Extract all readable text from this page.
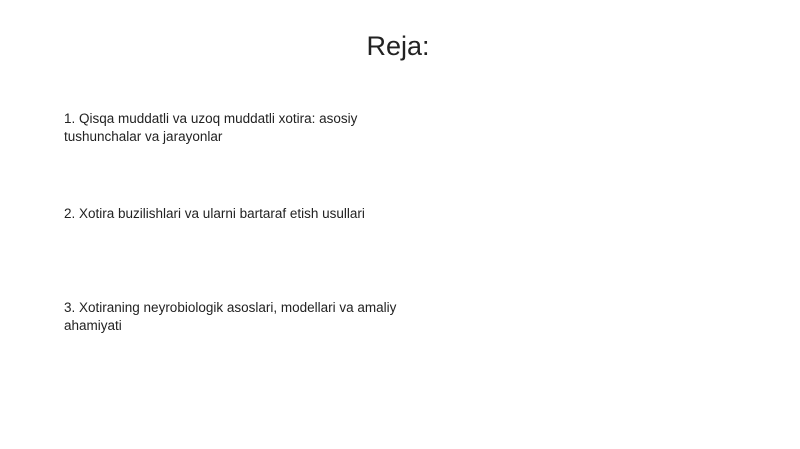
Reja:
1. Qisqa muddatli va uzoq muddatli xotira: asosiy tushunchalar va jarayonlar
2. Xotira buzilishlari va ularni bartaraf etish usullari
3. Xotiraning neyrobiologik asoslari, modellari va amaliy ahamiyati
